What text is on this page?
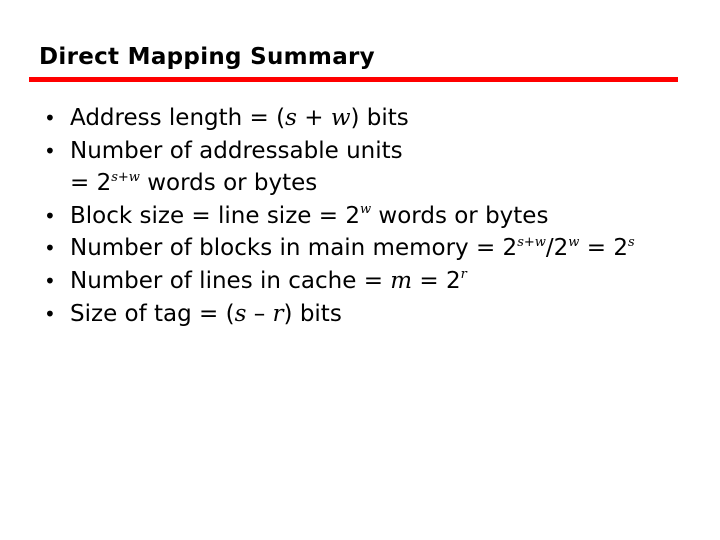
Direct Mapping Summary
• Address length = (s + w) bits
• Number of addressable units
= $2^{s+w}$ words or bytes
• Block size = line size = $2^w$ words or bytes
• Number of blocks in main memory = $2^{s+w}/2^w = 2^s$
• Number of lines in cache = $m = 2^r$
• Size of tag = (s – r) bits
